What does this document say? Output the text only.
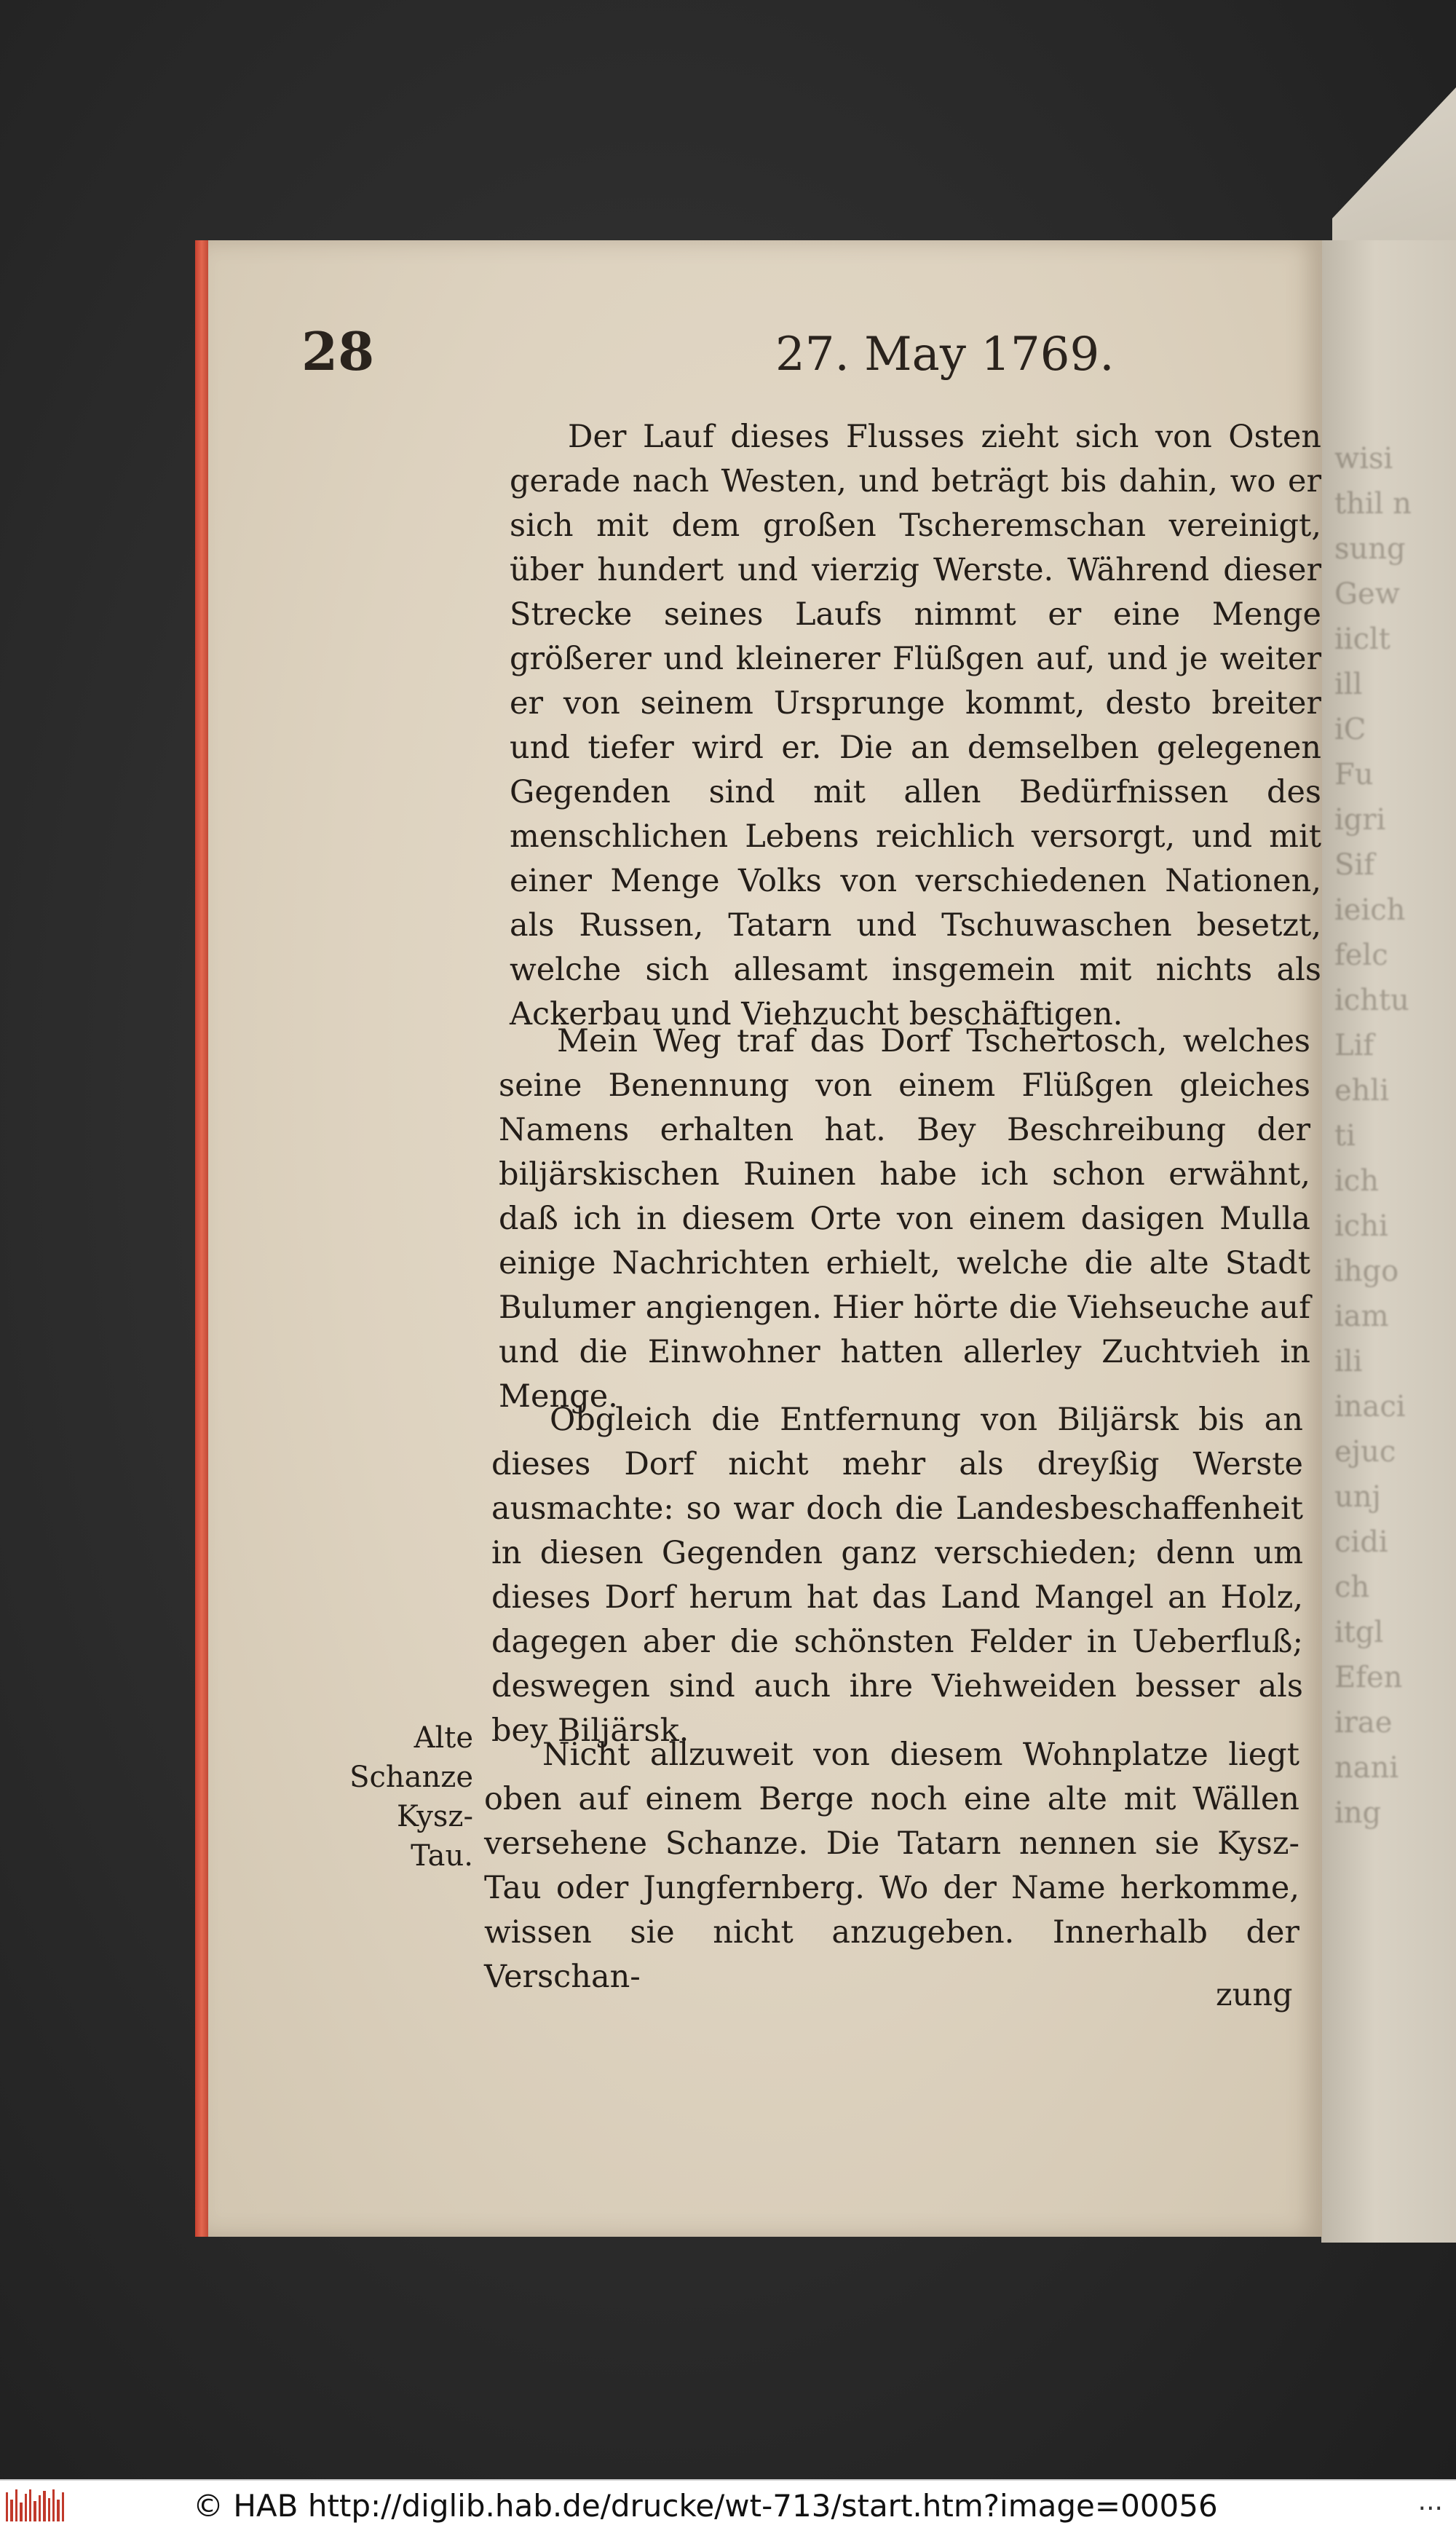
wisi
thil n
sung
Gew
iiclt
ill
iC
Fu
igri
Sif
ieich
felc
ichtu
Lif
ehli
ti
ich
ichi
ihgo
iam
ili
inaci
ejuc
unj
cidi
ch
itgl
Efen
irae
nani
ing
28	27. May 1769.

Der Lauf dieses Flusses zieht sich von Osten gerade nach Westen, und beträgt bis dahin, wo er sich mit dem großen Tscheremschan vereinigt, über hundert und vierzig Werste. Während dieser Strecke seines Laufs nimmt er eine Menge größerer und kleinerer Flüßgen auf, und je weiter er von seinem Ursprunge kommt, desto breiter und tiefer wird er. Die an demselben gelegenen Gegenden sind mit allen Bedürfnissen des menschlichen Lebens reichlich versorgt, und mit einer Menge Volks von verschiedenen Nationen, als Russen, Tatarn und Tschuwaschen besetzt, welche sich allesamt insgemein mit nichts als Ackerbau und Viehzucht beschäftigen.

Mein Weg traf das Dorf Tschertosch, welches seine Benennung von einem Flüßgen gleiches Namens erhalten hat. Bey Beschreibung der biljärskischen Ruinen habe ich schon erwähnt, daß ich in diesem Orte von einem dasigen Mulla einige Nachrichten erhielt, welche die alte Stadt Bulumer angiengen. Hier hörte die Viehseuche auf und die Einwohner hatten allerley Zuchtvieh in Menge.

Obgleich die Entfernung von Biljärsk bis an dieses Dorf nicht mehr als dreyßig Werste ausmachte: so war doch die Landesbeschaffenheit in diesen Gegenden ganz verschieden; denn um dieses Dorf herum hat das Land Mangel an Holz, dagegen aber die schönsten Felder in Ueberfluß; deswegen sind auch ihre Viehweiden besser als bey Biljärsk.

Nicht allzuweit von diesem Wohnplatze liegt oben auf einem Berge noch eine alte mit Wällen versehene Schanze. Die Tatarn nennen sie Kysz-Tau oder Jungfernberg. Wo der Name herkomme, wissen sie nicht anzugeben. Innerhalb der Verschan-

Alte
Schanze
Kysz-
Tau.
zung
© HAB http://diglib.hab.de/drucke/wt-713/start.htm?image=00056	...
